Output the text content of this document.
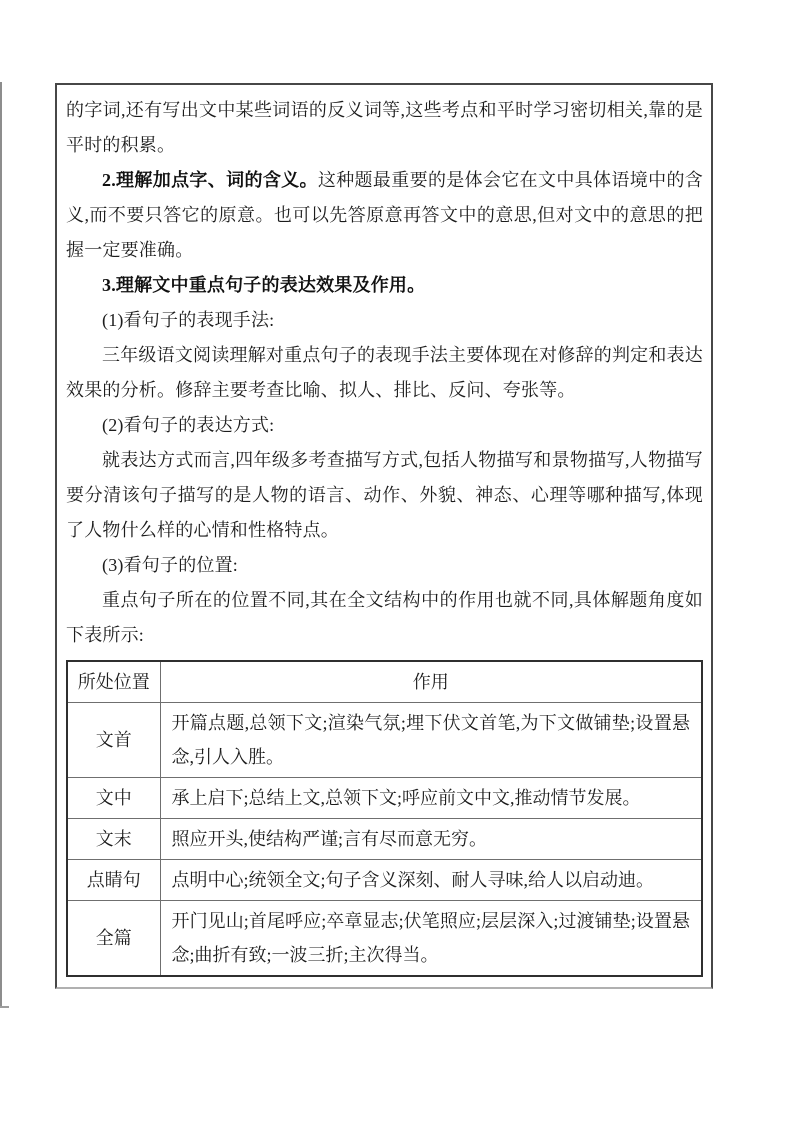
的字词,还有写出文中某些词语的反义词等,这些考点和平时学习密切相关,靠的是平时的积累。

2.理解加点字、词的含义。这种题最重要的是体会它在文中具体语境中的含义,而不要只答它的原意。也可以先答原意再答文中的意思,但对文中的意思的把握一定要准确。

3.理解文中重点句子的表达效果及作用。

(1)看句子的表现手法:

三年级语文阅读理解对重点句子的表现手法主要体现在对修辞的判定和表达效果的分析。修辞主要考查比喻、拟人、排比、反问、夸张等。

(2)看句子的表达方式:

就表达方式而言,四年级多考查描写方式,包括人物描写和景物描写,人物描写要分清该句子描写的是人物的语言、动作、外貌、神态、心理等哪种描写,体现了人物什么样的心情和性格特点。

(3)看句子的位置:

重点句子所在的位置不同,其在全文结构中的作用也就不同,具体解题角度如下表所示:

所处位置	作用
文首	开篇点题,总领下文;渲染气氛;埋下伏文首笔,为下文做铺垫;设置悬念,引人入胜。
文中	承上启下;总结上文,总领下文;呼应前文中文,推动情节发展。
文末	照应开头,使结构严谨;言有尽而意无穷。
点睛句	点明中心;统领全文;句子含义深刻、耐人寻味,给人以启动迪。
全篇	开门见山;首尾呼应;卒章显志;伏笔照应;层层深入;过渡铺垫;设置悬念;曲折有致;一波三折;主次得当。
